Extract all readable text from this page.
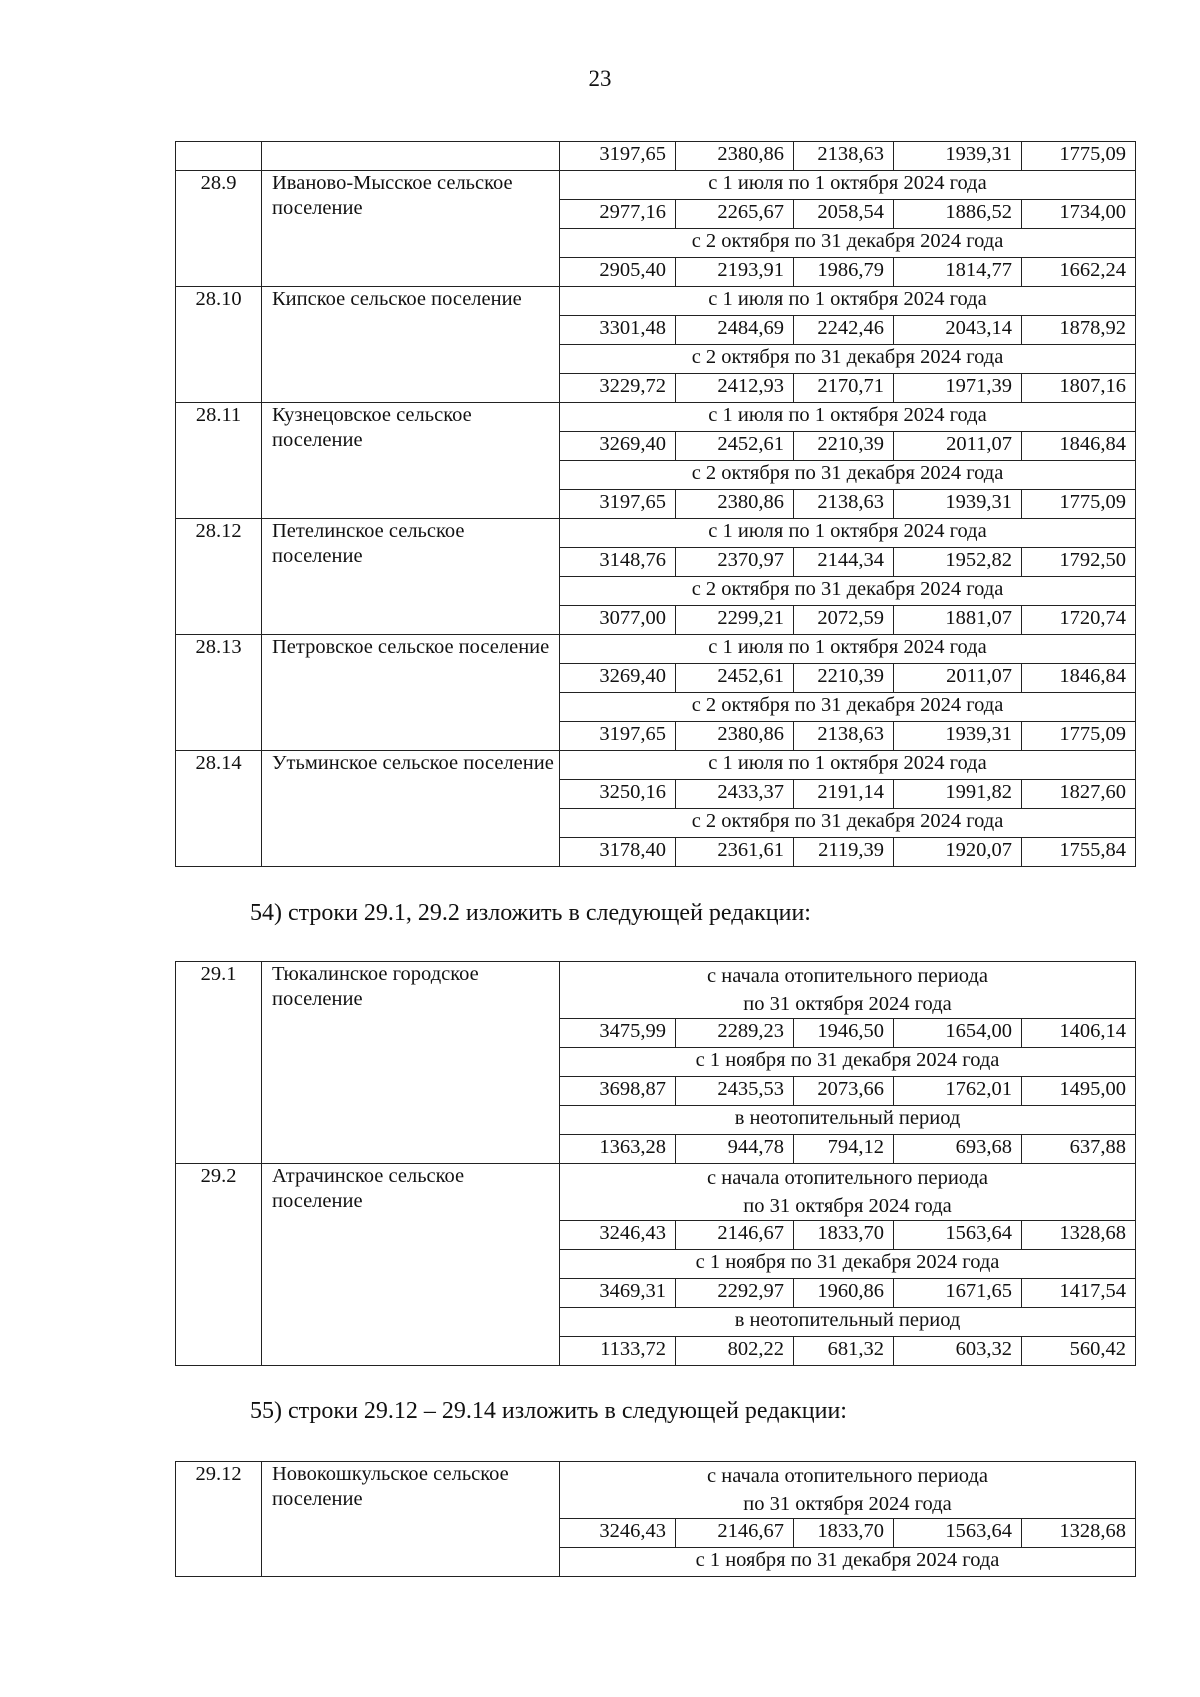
23
		3197,65	2380,86	2138,63	1939,31	1775,09
28.9	Иваново-Мысское сельское поселение	с 1 июля по 1 октября 2024 года				
		2977,16	2265,67	2058,54	1886,52	1734,00
		с 2 октября по 31 декабря 2024 года				
		2905,40	2193,91	1986,79	1814,77	1662,24
28.10	Кипское сельское поселение	с 1 июля по 1 октября 2024 года				
		3301,48	2484,69	2242,46	2043,14	1878,92
		с 2 октября по 31 декабря 2024 года				
		3229,72	2412,93	2170,71	1971,39	1807,16
28.11	Кузнецовское сельское поселение	с 1 июля по 1 октября 2024 года				
		3269,40	2452,61	2210,39	2011,07	1846,84
		с 2 октября по 31 декабря 2024 года				
		3197,65	2380,86	2138,63	1939,31	1775,09
28.12	Петелинское сельское поселение	с 1 июля по 1 октября 2024 года				
		3148,76	2370,97	2144,34	1952,82	1792,50
		с 2 октября по 31 декабря 2024 года				
		3077,00	2299,21	2072,59	1881,07	1720,74
28.13	Петровское сельское поселение	с 1 июля по 1 октября 2024 года				
		3269,40	2452,61	2210,39	2011,07	1846,84
		с 2 октября по 31 декабря 2024 года				
		3197,65	2380,86	2138,63	1939,31	1775,09
28.14	Утьминское сельское поселение	с 1 июля по 1 октября 2024 года				
		3250,16	2433,37	2191,14	1991,82	1827,60
		с 2 октября по 31 декабря 2024 года				
		3178,40	2361,61	2119,39	1920,07	1755,84
54) строки 29.1, 29.2 изложить в следующей редакции:
29.1	Тюкалинское городское поселение	с начала отопительного периода
по 31 октября 2024 года				

		3475,99	2289,23	1946,50	1654,00	1406,14
		с 1 ноября по 31 декабря 2024 года				
		3698,87	2435,53	2073,66	1762,01	1495,00
		в неотопительный период				
		1363,28	944,78	794,12	693,68	637,88
29.2	Атрачинское сельское поселение	с начала отопительного периода
по 31 октября 2024 года				

		3246,43	2146,67	1833,70	1563,64	1328,68
		с 1 ноября по 31 декабря 2024 года				
		3469,31	2292,97	1960,86	1671,65	1417,54
		в неотопительный период				
		1133,72	802,22	681,32	603,32	560,42
55) строки 29.12 – 29.14 изложить в следующей редакции:
29.12	Новокошкульское сельское поселение	с начала отопительного периода
по 31 октября 2024 года				

		3246,43	2146,67	1833,70	1563,64	1328,68
		с 1 ноября по 31 декабря 2024 года				
